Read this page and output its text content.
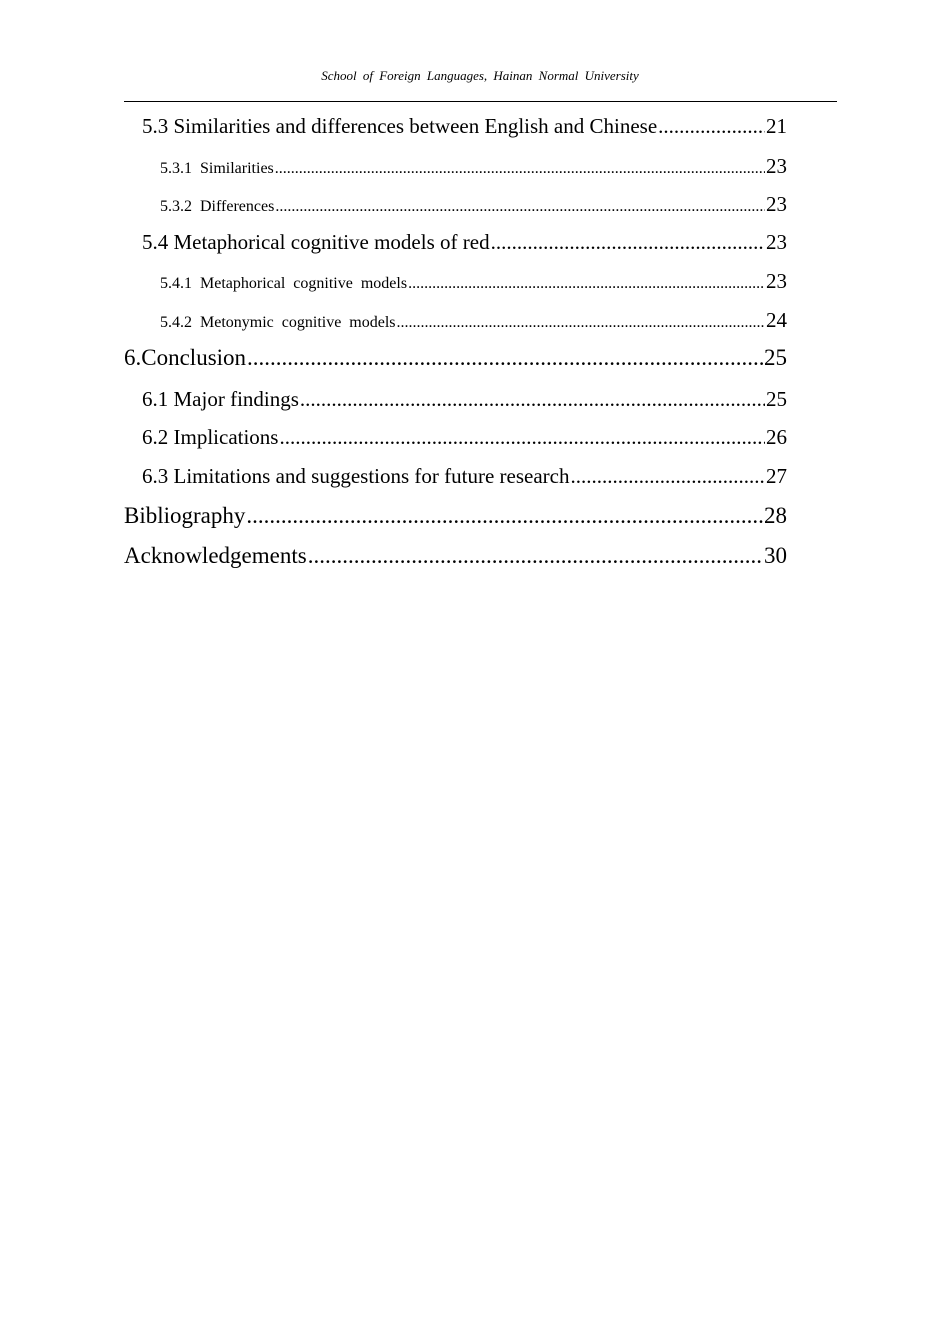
School of Foreign Languages, Hainan Normal University
5.3 Similarities and differences between English and Chinese .....	21
5.3.1 Similarities .....	23
5.3.2 Differences .....	23
5.4 Metaphorical cognitive models of red .....	23
5.4.1 Metaphorical cognitive models .....	23
5.4.2 Metonymic cognitive models .....	24
6.Conclusion .....	25
6.1 Major findings .....	25
6.2 Implications .....	26
6.3 Limitations and suggestions for future research .....	27
Bibliography .....	28
Acknowledgements .....	30
